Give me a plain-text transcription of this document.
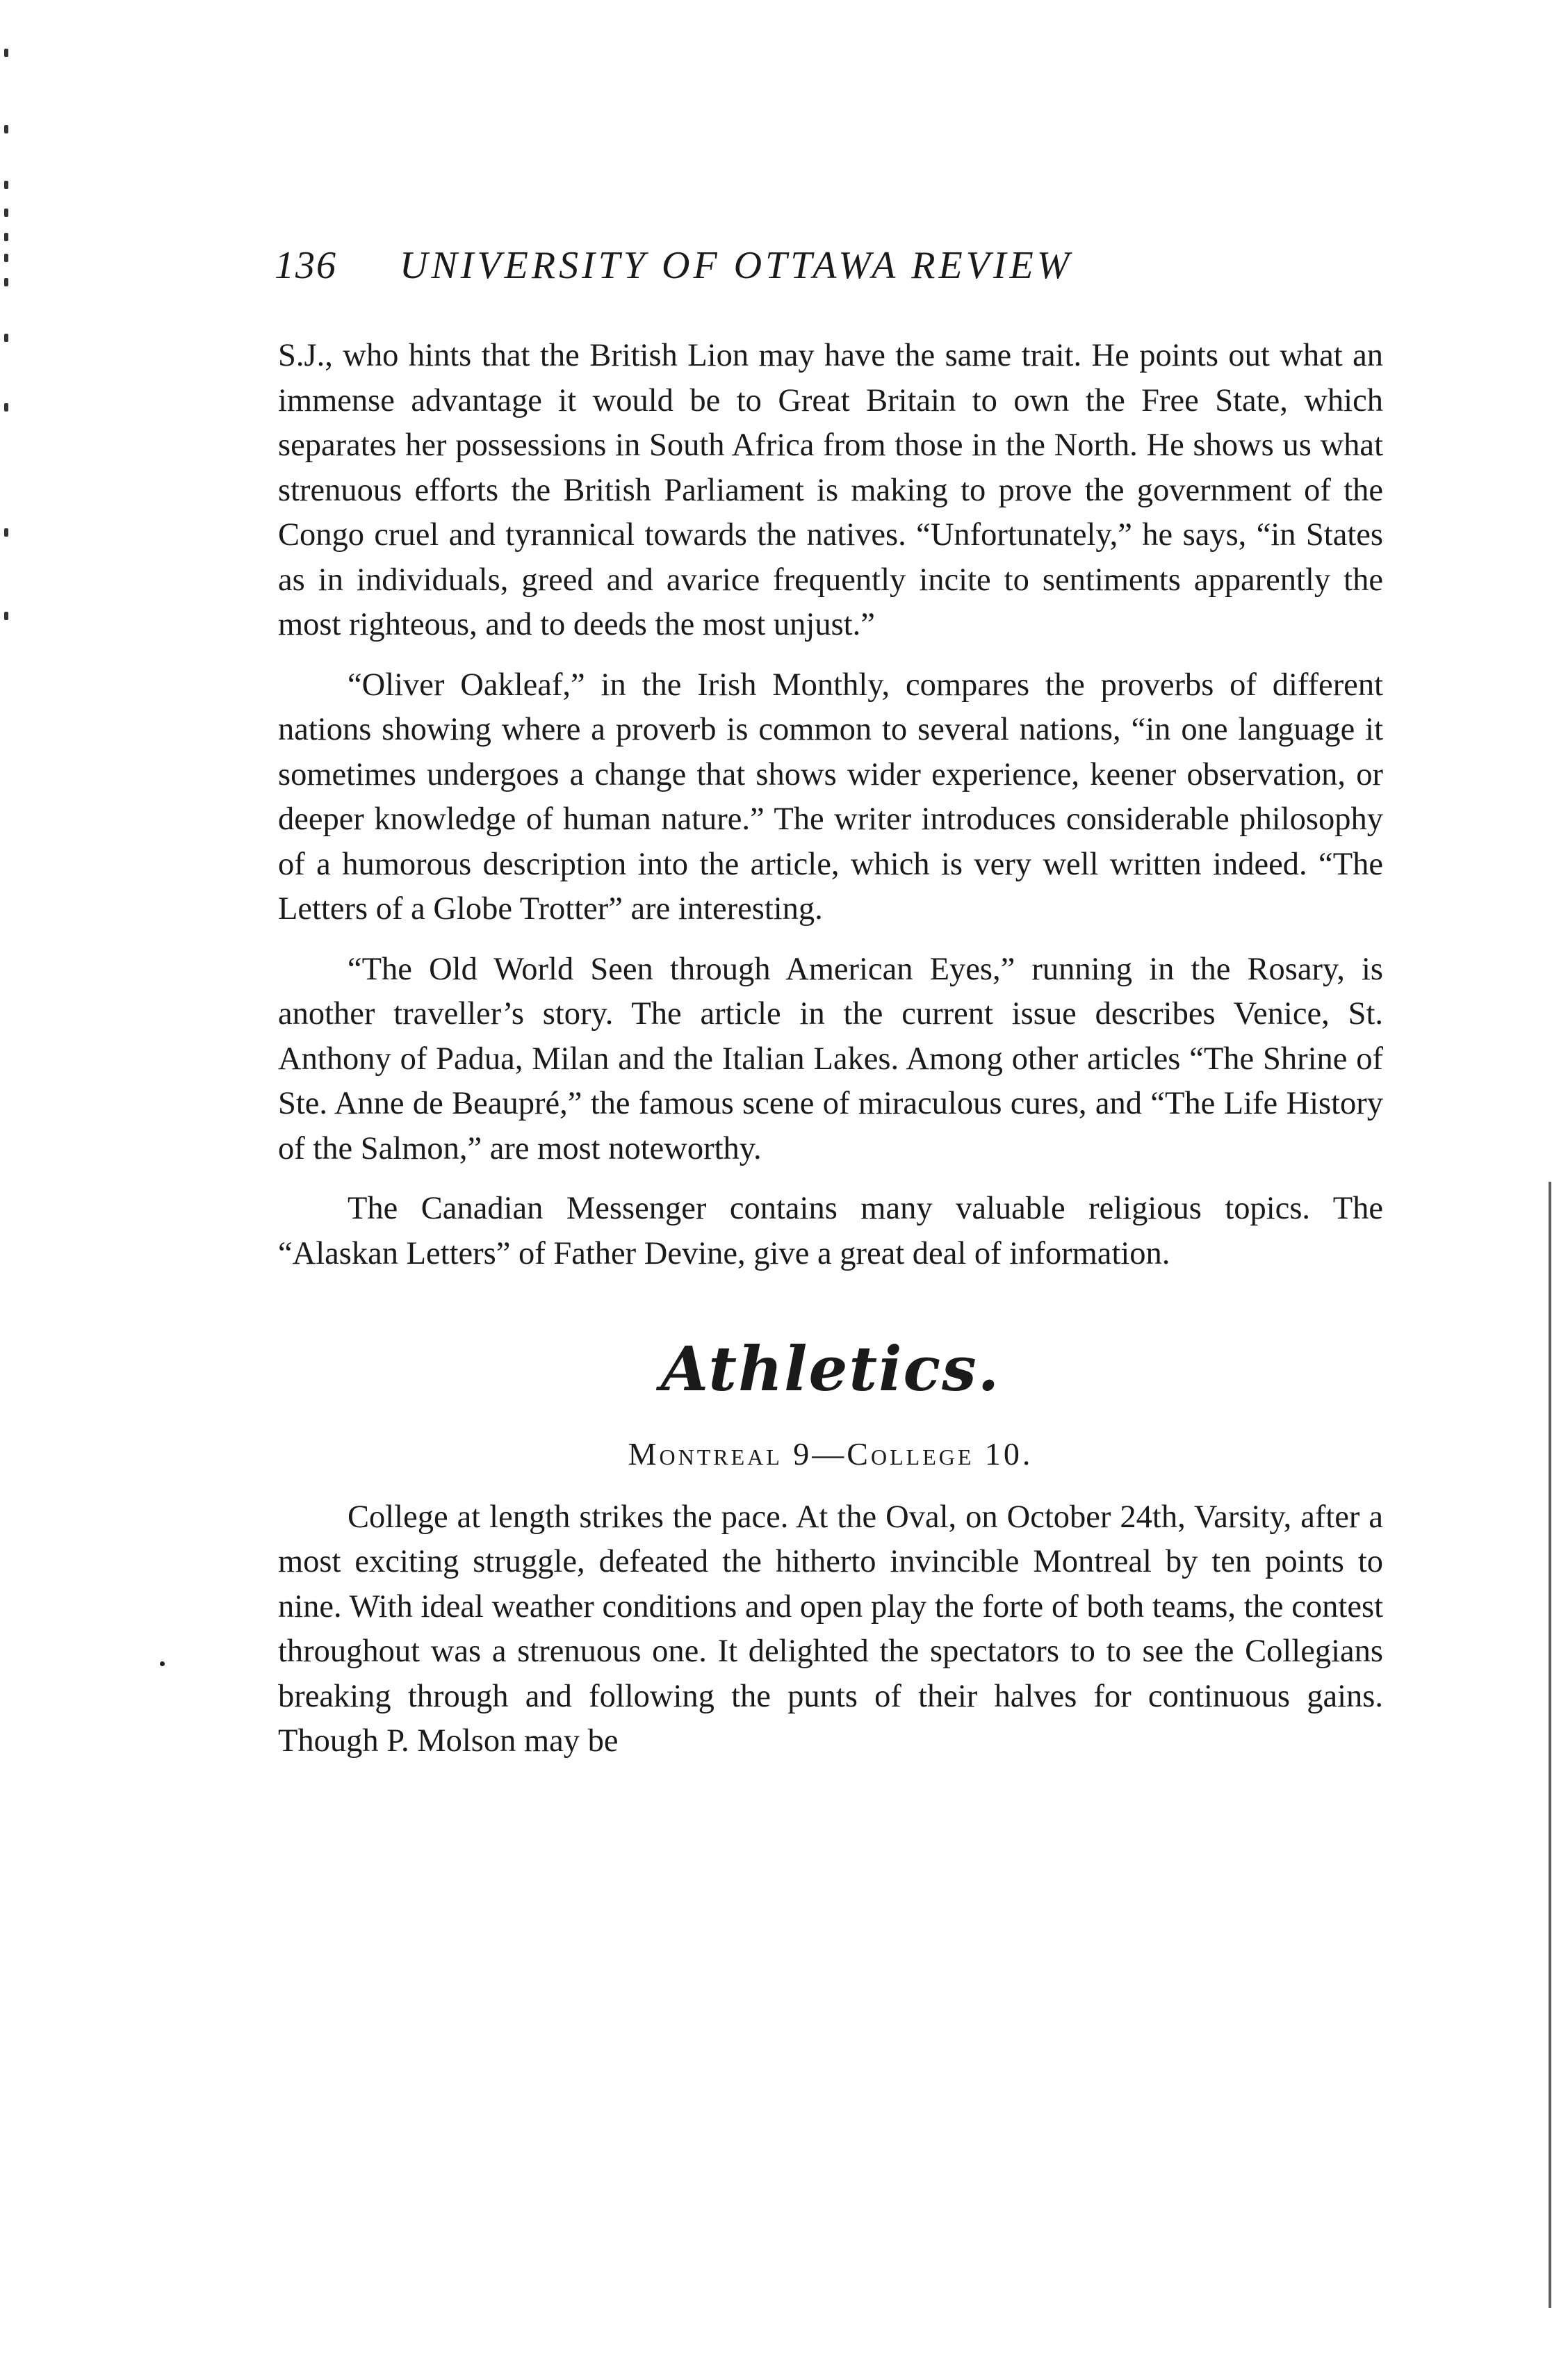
136 UNIVERSITY OF OTTAWA REVIEW

S.J., who hints that the British Lion may have the same trait. He points out what an immense advantage it would be to Great Britain to own the Free State, which separates her possessions in South Africa from those in the North. He shows us what strenuous efforts the British Parliament is making to prove the government of the Congo cruel and tyrannical towards the natives. “Unfortunately,” he says, “in States as in individuals, greed and avarice frequently incite to sentiments apparently the most righteous, and to deeds the most unjust.”

“Oliver Oakleaf,” in the Irish Monthly, compares the proverbs of different nations showing where a proverb is common to several nations, “in one language it sometimes undergoes a change that shows wider experience, keener observation, or deeper knowledge of human nature.” The writer introduces considerable philosophy of a humorous description into the article, which is very well written indeed. “The Letters of a Globe Trotter” are interesting.

“The Old World Seen through American Eyes,” running in the Rosary, is another traveller’s story. The article in the current issue describes Venice, St. Anthony of Padua, Milan and the Italian Lakes. Among other articles “The Shrine of Ste. Anne de Beaupré,” the famous scene of miraculous cures, and “The Life History of the Salmon,” are most noteworthy.

The Canadian Messenger contains many valuable religious topics. The “Alaskan Letters” of Father Devine, give a great deal of information.

Athletics.
Montreal 9—College 10.

College at length strikes the pace. At the Oval, on October 24th, Varsity, after a most exciting struggle, defeated the hitherto invincible Montreal by ten points to nine. With ideal weather conditions and open play the forte of both teams, the contest throughout was a strenuous one. It delighted the spectators to to see the Collegians breaking through and following the punts of their halves for continuous gains. Though P. Molson may be
